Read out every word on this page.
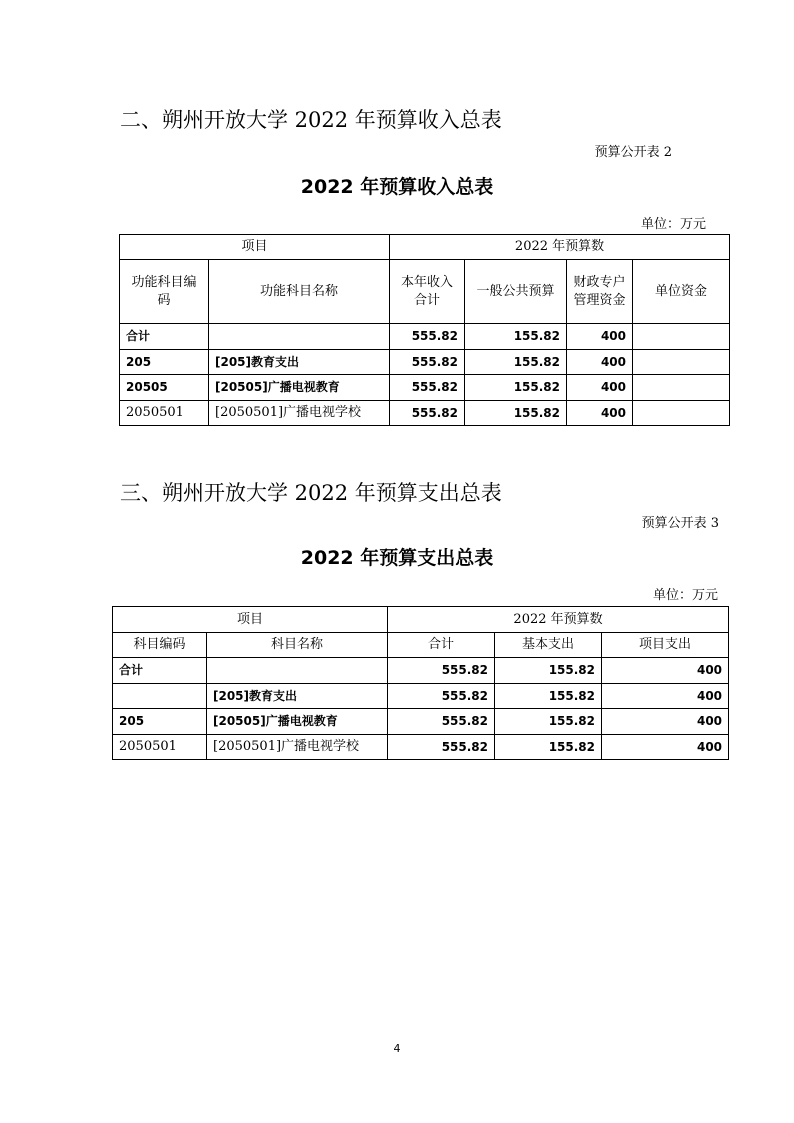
二、朔州开放大学 2022 年预算收入总表
预算公开表 2
2022 年预算收入总表
单位：万元
项目		2022 年预算数			
功能科目编码	功能科目名称	本年收入合计	一般公共预算	财政专户管理资金	单位资金
合计		555.82	155.82	400	
205	[205]教育支出	555.82	155.82	400	
20505	[20505]广播电视教育	555.82	155.82	400	
2050501	[2050501]广播电视学校	555.82	155.82	400	
三、朔州开放大学 2022 年预算支出总表
预算公开表 3
2022 年预算支出总表
单位：万元
项目		2022 年预算数		
科目编码	科目名称	合计	基本支出	项目支出
合计		555.82	155.82	400
	[205]教育支出	555.82	155.82	400
205	[20505]广播电视教育	555.82	155.82	400
2050501	[2050501]广播电视学校	555.82	155.82	400
4
